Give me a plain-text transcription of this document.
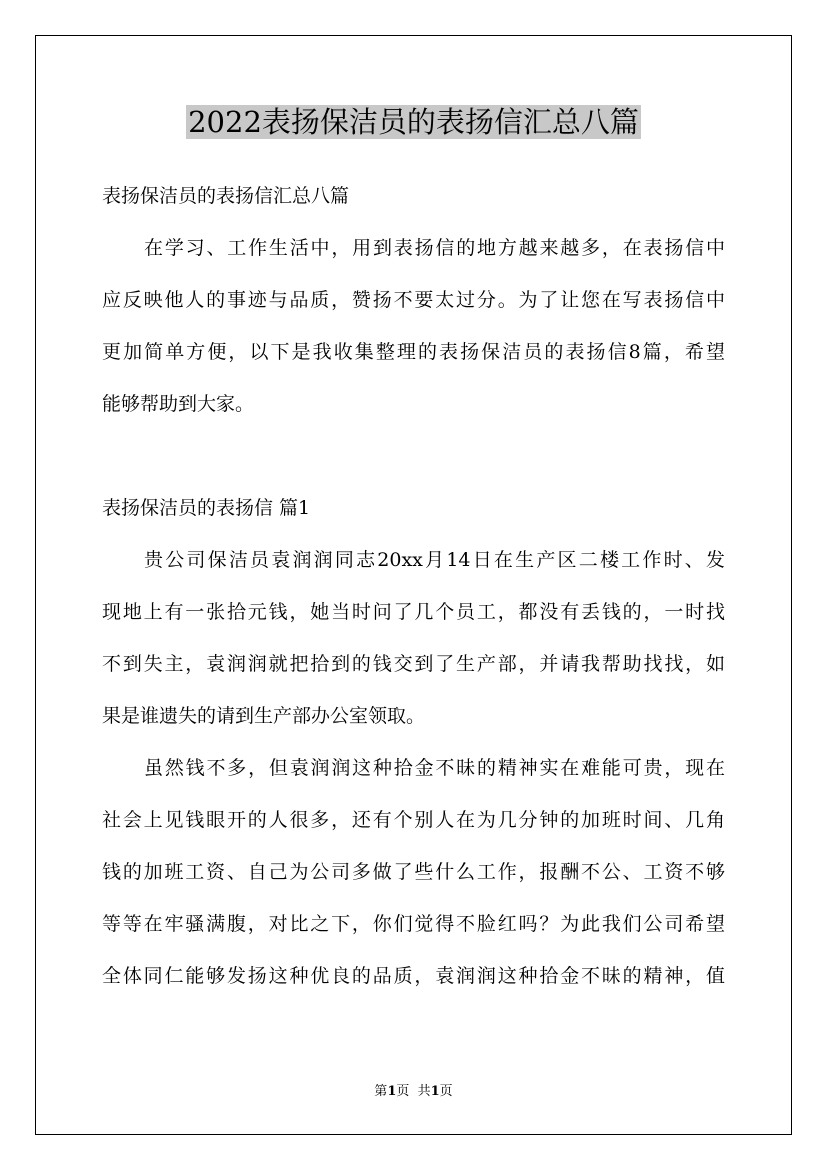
2022表扬保洁员的表扬信汇总八篇
表扬保洁员的表扬信汇总八篇
在学习、工作生活中，用到表扬信的地方越来越多，在表扬信中
应反映他人的事迹与品质，赞扬不要太过分。为了让您在写表扬信中
更加简单方便，以下是我收集整理的表扬保洁员的表扬信8篇，希望
能够帮助到大家。
表扬保洁员的表扬信 篇1
贵公司保洁员袁润润同志20xx月14日在生产区二楼工作时、发
现地上有一张拾元钱，她当时问了几个员工，都没有丢钱的，一时找
不到失主，袁润润就把拾到的钱交到了生产部，并请我帮助找找，如
果是谁遗失的请到生产部办公室领取。
虽然钱不多，但袁润润这种拾金不昧的精神实在难能可贵，现在
社会上见钱眼开的人很多，还有个别人在为几分钟的加班时间、几角
钱的加班工资、自己为公司多做了些什么工作，报酬不公、工资不够
等等在牢骚满腹，对比之下，你们觉得不脸红吗？为此我们公司希望
全体同仁能够发扬这种优良的品质，袁润润这种拾金不昧的精神，值
第1页  共1页
